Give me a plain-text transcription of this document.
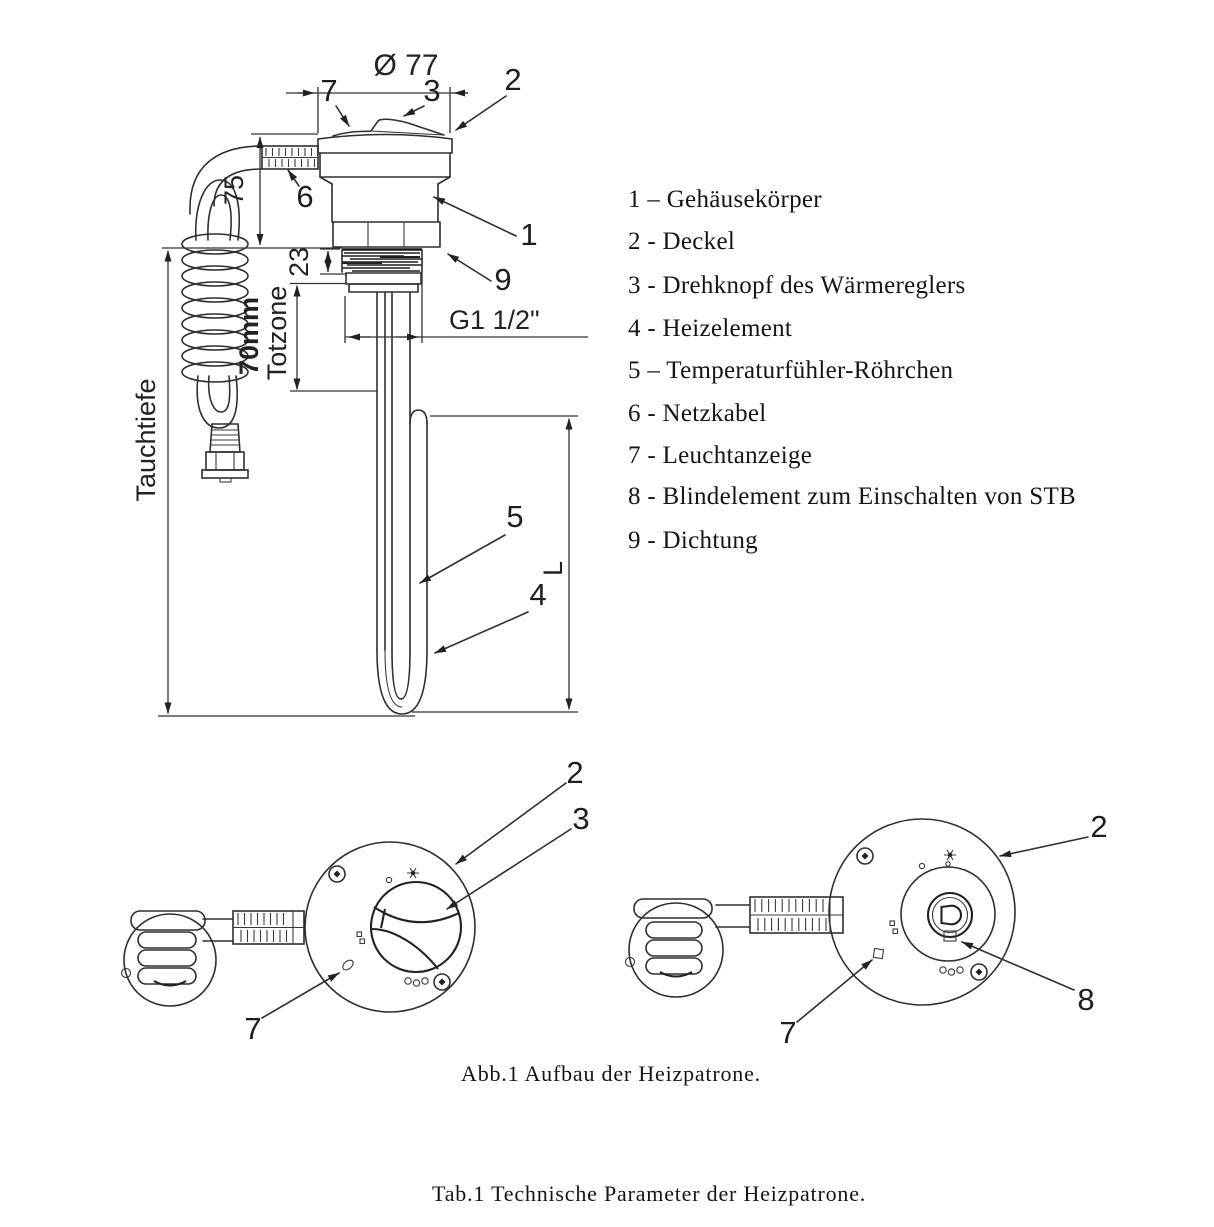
Ø 77
75
23
70mm
Totzone	G1 1/2"
Tauchtiefe
L
7	3 2
6
1
9
5
4
2
3
7
2
7
8
1 – Gehäusekörper
2 - Deckel
3 - Drehknopf des Wärmereglers
4 - Heizelement
5 – Temperaturfühler-Röhrchen
6 - Netzkabel
7 - Leuchtanzeige
8 - Blindelement zum Einschalten von STB
9 - Dichtung
Abb.1 Aufbau der Heizpatrone.
Tab.1 Technische Parameter der Heizpatrone.
